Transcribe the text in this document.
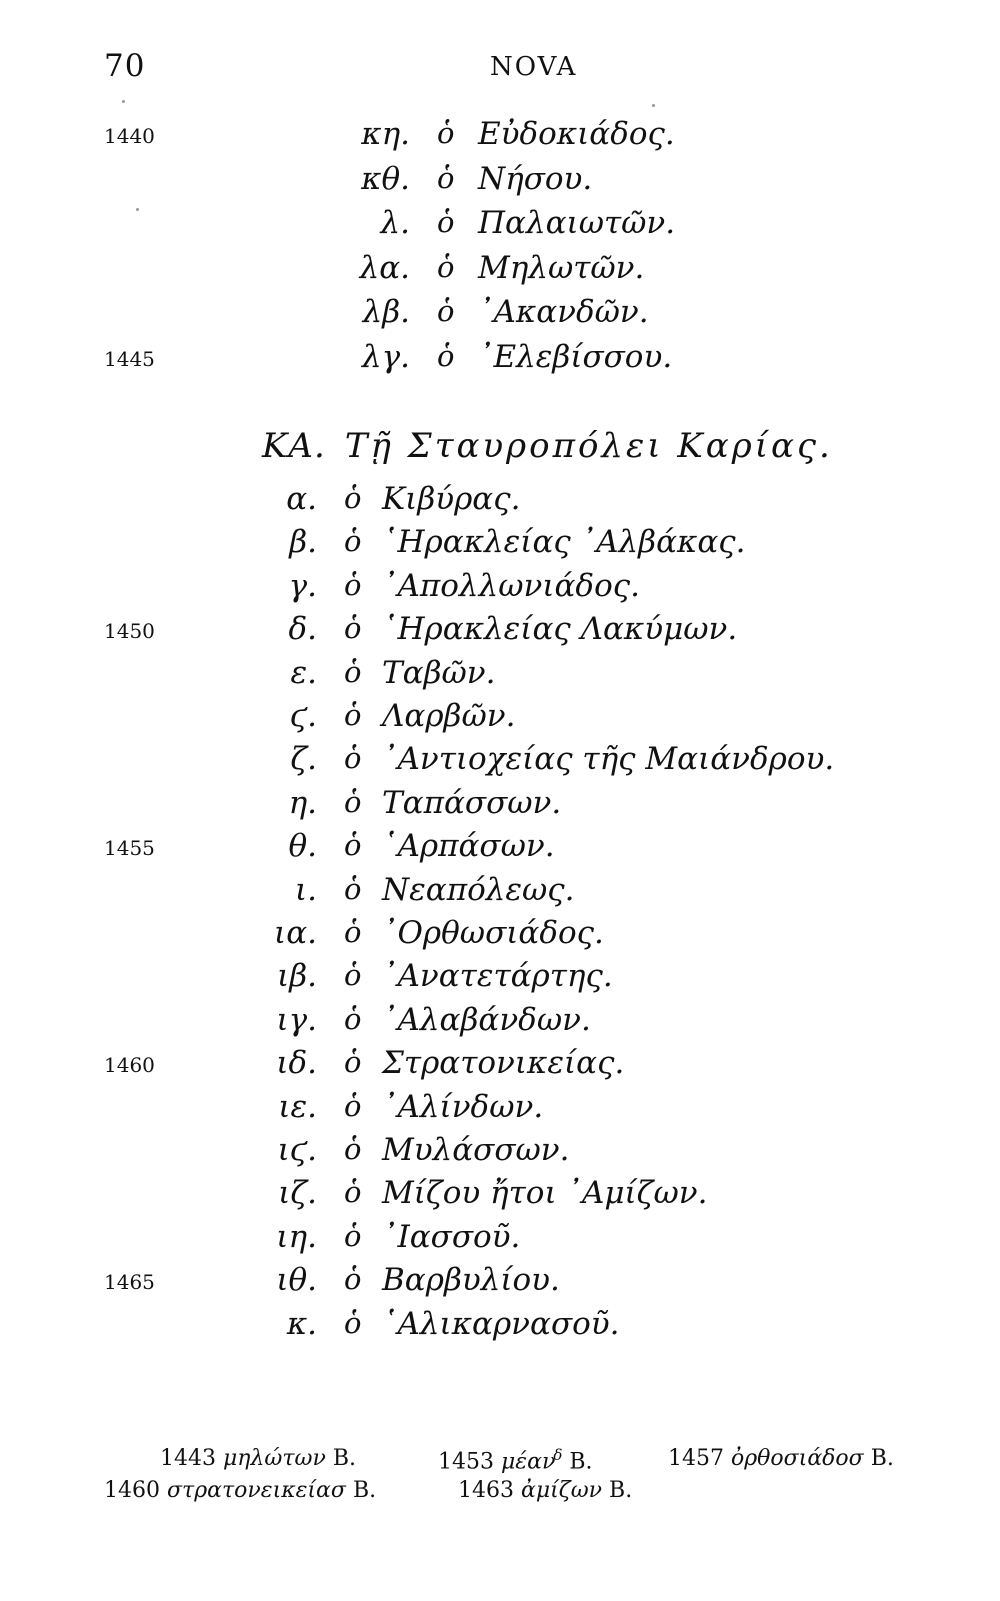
70	NOVA
1440	κη. ὁ Εὐδοκιάδος.
κθ. ὁ Νήσου.
λ. ὁ Παλαιωτῶν.
λα. ὁ Μηλωτῶν.
λβ. ὁ ᾿Ακανδῶν.
1445	λγ. ὁ ᾿Ελεβίσσου.
ΚΑ. Τῇ Σταυροπόλει Καρίας.
α. ὁ Κιβύρας.
β. ὁ ῾Ηρακλείας ᾿Αλβάκας.
γ. ὁ ᾿Απολλωνιάδος.
1450	δ. ὁ ῾Ηρακλείας Λακύμων.
ε. ὁ Ταβῶν.
ϛ. ὁ Λαρβῶν.
ζ. ὁ ᾿Αντιοχείας τῆς Μαιάνδρου.
η. ὁ Ταπάσσων.
1455	θ. ὁ ῾Αρπάσων.
ι. ὁ Νεαπόλεως.
ια. ὁ ᾿Ορθωσιάδος.
ιβ. ὁ ᾿Ανατετάρτης.
ιγ. ὁ ᾿Αλαβάνδων.
1460	ιδ. ὁ Στρατονικείας.
ιε. ὁ ᾿Αλίνδων.
ιϛ. ὁ Μυλάσσων.
ιζ. ὁ Μίζου ἤτοι ᾿Αμίζων.
ιη. ὁ ᾿Ιασσοῦ.
1465	ιθ. ὁ Βαρβυλίου.
κ. ὁ ῾Αλικαρνασοῦ.
1443 μηλώτων B.	1453 μέαν$^\delta$ B.	1457 ὀρθοσιάδοσ B.
1460 στρατονεικείασ B.	1463 ἀμίζων B.
